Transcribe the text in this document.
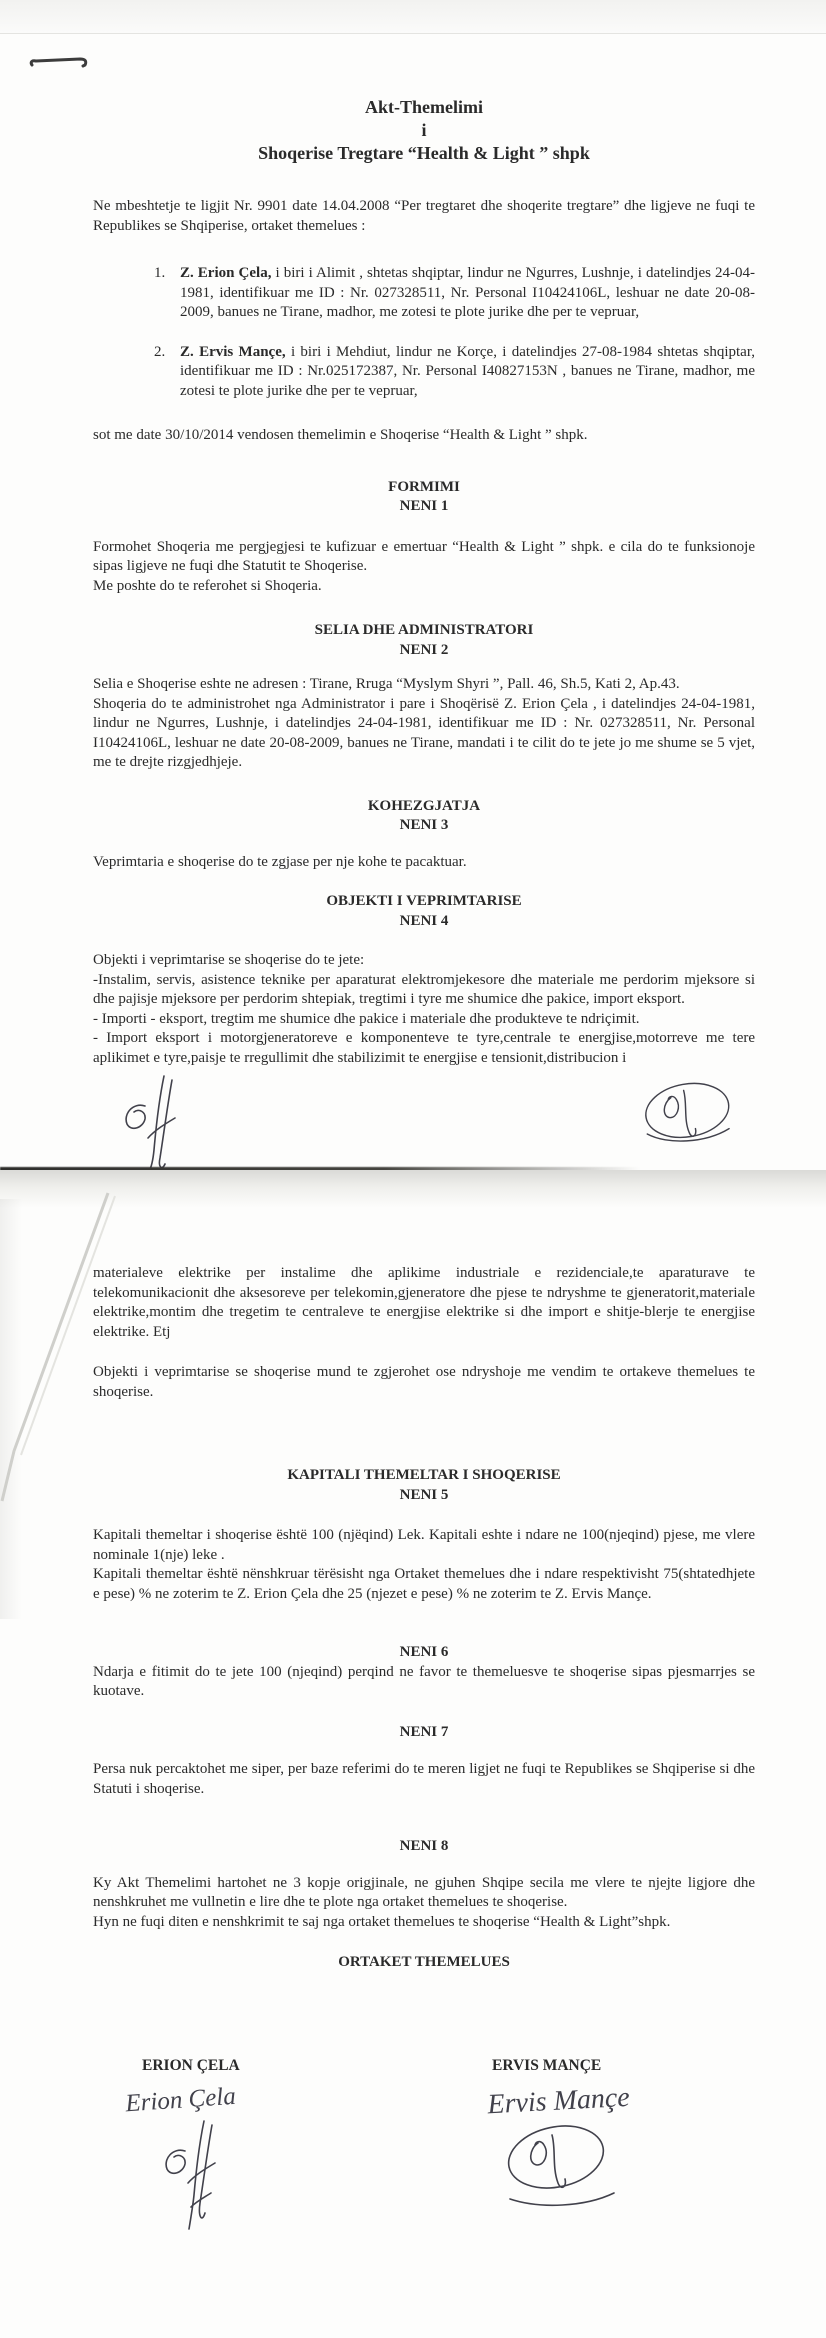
Akt-Themelimi
i
Shoqerise Tregtare “Health & Light ” shpk

Ne mbeshtetje te ligjit Nr. 9901 date 14.04.2008 “Per tregtaret dhe shoqerite tregtare” dhe ligjeve ne fuqi te Republikes se Shqiperise, ortaket themelues :

1. Z. Erion Çela, i biri i Alimit , shtetas shqiptar, lindur ne Ngurres, Lushnje, i datelindjes 24-04-1981, identifikuar me ID : Nr. 027328511, Nr. Personal I10424106L, leshuar ne date 20-08-2009, banues ne Tirane, madhor, me zotesi te plote jurike dhe per te vepruar,
2. Z. Ervis Mançe, i biri i Mehdiut, lindur ne Korçe, i datelindjes 27-08-1984 shtetas shqiptar, identifikuar me ID : Nr.025172387, Nr. Personal I40827153N , banues ne Tirane, madhor, me zotesi te plote jurike dhe per te vepruar,

sot me date 30/10/2014 vendosen themelimin e Shoqerise “Health & Light ” shpk.

FORMIMI
NENI 1

Formohet Shoqeria me pergjegjesi te kufizuar e emertuar “Health & Light ” shpk. e cila do te funksionoje sipas ligjeve ne fuqi dhe Statutit te Shoqerise.

Me poshte do te referohet si Shoqeria.

SELIA DHE ADMINISTRATORI
NENI 2

Selia e Shoqerise eshte ne adresen : Tirane, Rruga “Myslym Shyri ”, Pall. 46, Sh.5, Kati 2, Ap.43.

Shoqeria do te administrohet nga Administrator i pare i Shoqërisë Z. Erion Çela , i datelindjes 24-04-1981, lindur ne Ngurres, Lushnje, i datelindjes 24-04-1981, identifikuar me ID : Nr. 027328511, Nr. Personal I10424106L, leshuar ne date 20-08-2009, banues ne Tirane, mandati i te cilit do te jete jo me shume se 5 vjet, me te drejte rizgjedhjeje.

KOHEZGJATJA
NENI 3

Veprimtaria e shoqerise do te zgjase per nje kohe te pacaktuar.

OBJEKTI I VEPRIMTARISE
NENI 4

Objekti i veprimtarise se shoqerise do te jete:

-Instalim, servis, asistence teknike per aparaturat elektromjekesore dhe materiale me perdorim mjeksore si dhe pajisje mjeksore per perdorim shtepiak, tregtimi i tyre me shumice dhe pakice, import eksport.

- Importi - eksport, tregtim me shumice dhe pakice i materiale dhe produkteve te ndriçimit.

- Import eksport i motorgjeneratoreve e komponenteve te tyre,centrale te energjise,motorreve me tere aplikimet e tyre,paisje te rregullimit dhe stabilizimit te energjise e tensionit,distribucion i

materialeve elektrike per instalime dhe aplikime industriale e rezidenciale,te aparaturave te telekomunikacionit dhe aksesoreve per telekomin,gjeneratore dhe pjese te ndryshme te gjeneratorit,materiale elektrike,montim dhe tregetim te centraleve te energjise elektrike si dhe import e shitje-blerje te energjise elektrike. Etj

Objekti i veprimtarise se shoqerise mund te zgjerohet ose ndryshoje me vendim te ortakeve themelues te shoqerise.

KAPITALI THEMELTAR I SHOQERISE
NENI 5

Kapitali themeltar i shoqerise është 100 (njëqind) Lek. Kapitali eshte i ndare ne 100(njeqind) pjese, me vlere nominale 1(nje) leke .

Kapitali themeltar është nënshkruar tërësisht nga Ortaket themelues dhe i ndare respektivisht 75(shtatedhjete e pese) % ne zoterim te Z. Erion Çela dhe 25 (njezet e pese) % ne zoterim te Z. Ervis Mançe.

NENI 6

Ndarja e fitimit do te jete 100 (njeqind) perqind ne favor te themeluesve te shoqerise sipas pjesmarrjes se kuotave.

NENI 7

Persa nuk percaktohet me siper, per baze referimi do te meren ligjet ne fuqi te Republikes se Shqiperise si dhe Statuti i shoqerise.

NENI 8

Ky Akt Themelimi hartohet ne 3 kopje origjinale, ne gjuhen Shqipe secila me vlere te njejte ligjore dhe nenshkruhet me vullnetin e lire dhe te plote nga ortaket themelues te shoqerise.

Hyn ne fuqi diten e nenshkrimit te saj nga ortaket themelues te shoqerise “Health & Light”shpk.

ORTAKET THEMELUES
ERION ÇELA	ERVIS MANÇE
Erion Çela	Ervis Mançe
